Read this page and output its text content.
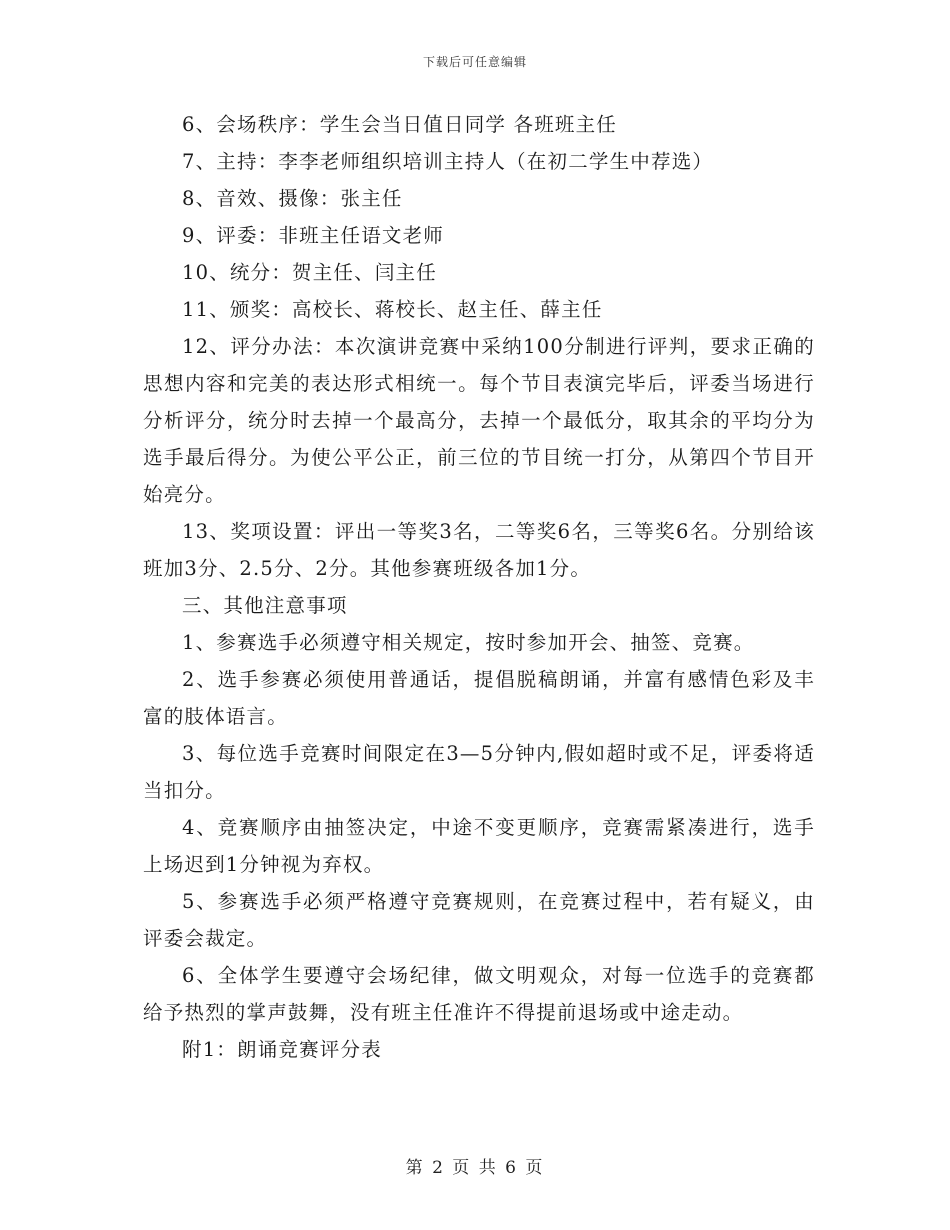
下载后可任意编辑

6、会场秩序：学生会当日值日同学 各班班主任

7、主持：李李老师组织培训主持人（在初二学生中荐选）

8、音效、摄像：张主任

9、评委：非班主任语文老师

10、统分：贺主任、闫主任

11、颁奖：高校长、蒋校长、赵主任、薛主任

12、评分办法：本次演讲竞赛中采纳100分制进行评判，要求正确的思想内容和完美的表达形式相统一。每个节目表演完毕后，评委当场进行分析评分，统分时去掉一个最高分，去掉一个最低分，取其余的平均分为选手最后得分。为使公平公正，前三位的节目统一打分，从第四个节目开始亮分。

13、奖项设置：评出一等奖3名，二等奖6名，三等奖6名。分别给该班加3分、2.5分、2分。其他参赛班级各加1分。

三、其他注意事项

1、参赛选手必须遵守相关规定，按时参加开会、抽签、竞赛。

2、选手参赛必须使用普通话，提倡脱稿朗诵，并富有感情色彩及丰富的肢体语言。

3、每位选手竞赛时间限定在3—5分钟内,假如超时或不足，评委将适当扣分。

4、竞赛顺序由抽签决定，中途不变更顺序，竞赛需紧凑进行，选手上场迟到1分钟视为弃权。

5、参赛选手必须严格遵守竞赛规则，在竞赛过程中，若有疑义，由评委会裁定。

6、全体学生要遵守会场纪律，做文明观众，对每一位选手的竞赛都给予热烈的掌声鼓舞，没有班主任准许不得提前退场或中途走动。

附1：朗诵竞赛评分表

第 2 页 共 6 页
